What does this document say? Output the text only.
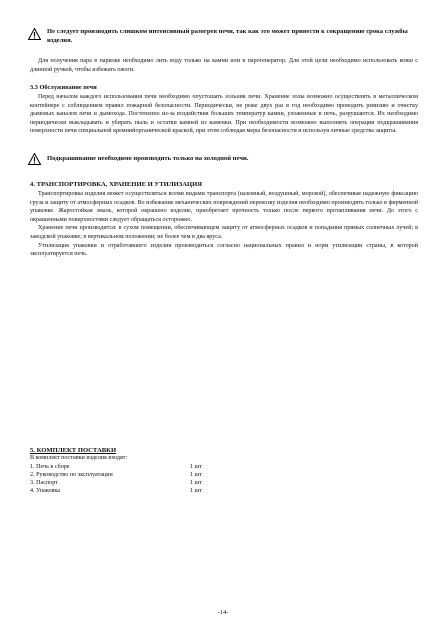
Не следует производить слишком интенсивный разогрев печи, так как это может привести к сокращению срока службы изделия.

Для получения пара в парилке необходимо лить воду только на камни или в парогенератор. Для этой цели необходимо использовать ковш с длинной ручкой, чтобы избежать ожоги.

3.3 Обслуживание печи

Перед началом каждого использования печи необходимо опустошать зольник печи. Хранение золы возможно осуществлять в металлическом контейнере с соблюдением правил пожарной безопасности. Периодически, не реже двух раз в год необходимо проводить ревизию и очистку дымовых каналов печи и дымохода. Постепенно из-за воздействия больших температур камни, уложенные в печь, разрушаются. Их необходимо периодически выкладывать и убирать пыль и остатки камней из каменки. При необходимости возможно выполнять операции подкрашивания поверхности печи специальной кремнийорганической краской, при этом соблюдая меры безопасности и используя личные средства защиты.

Подкрашивание необходимо производить только на холодной печи.
4. ТРАНСПОРТИРОВКА, ХРАНЕНИЕ И УТИЛИЗАЦИЯ

Транспортировка изделия может осуществляться всеми видами транспорта (наземный, воздушный, морской), обеспечивая надежную фиксацию груза и защиту от атмосферных осадков. Во избежание механических повреждений перевозку изделия необходимо производить только в фирменной упаковке. Жаростойкая эмаль, которой окрашено изделие, приобретает прочность только после первого протапливания печи. До этого с окрашенными поверхностями следует обращаться осторожно.

Хранение печи производится: в сухом помещении, обеспечивающем защиту от атмосферных осадков и попадания прямых солнечных лучей; в заводской упаковке; в вертикальном положении; не более чем в два яруса.

Утилизация упаковки и отработавшего изделия производиться согласно национальных правил и норм утилизации страны, в которой эксплуатируется печь.

5. КОМПЛЕКТ ПОСТАВКИ
В комплект поставки изделия входят:
1. Печь в сборе	1 шт
2. Руководство по эксплуатации	1 шт
3. Паспорт	1 шт
4. Упаковка	1 шт
-14-
